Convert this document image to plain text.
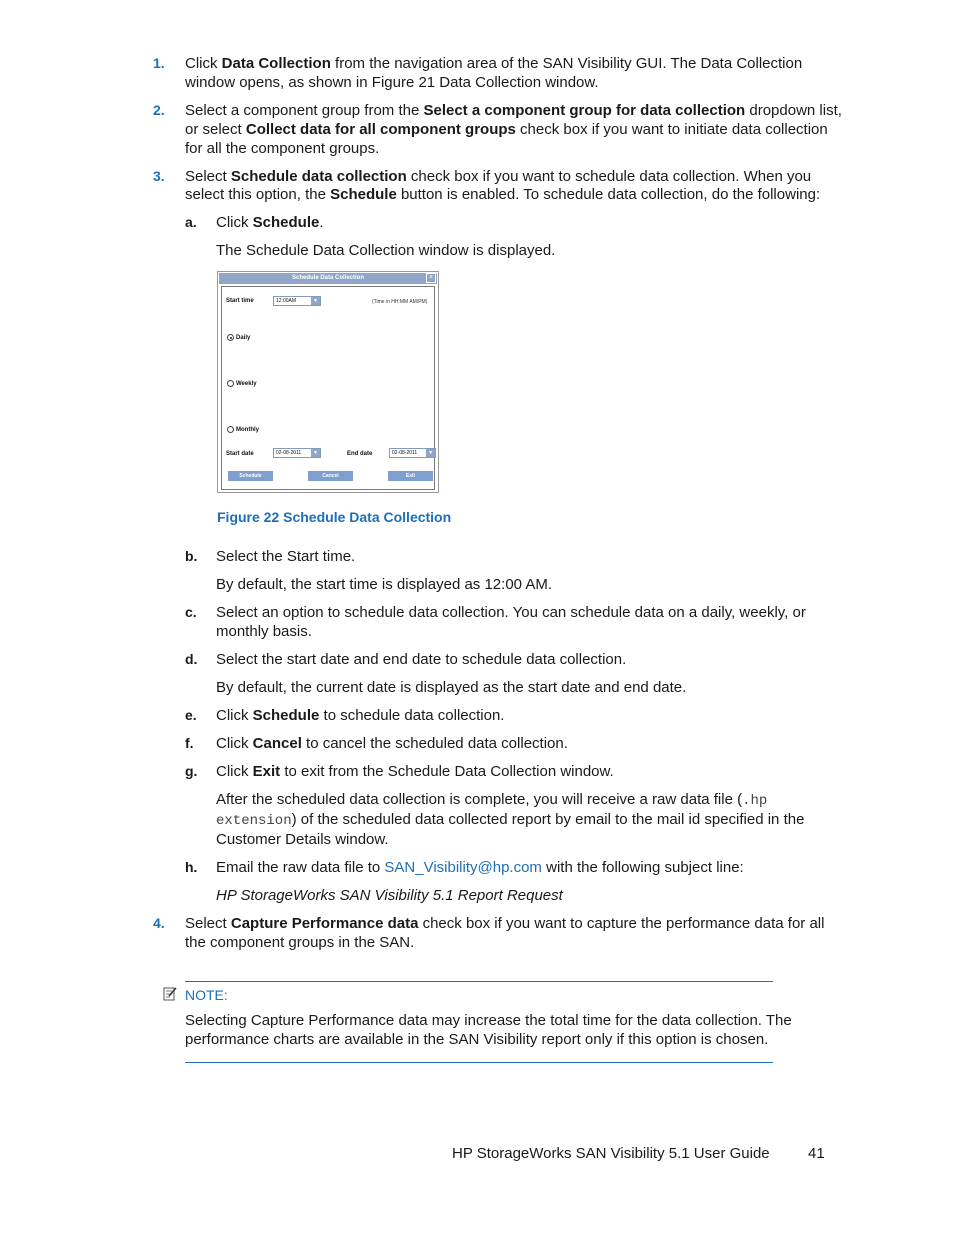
1. Click Data Collection from the navigation area of the SAN Visibility GUI. The Data Collection
window opens, as shown in Figure 21 Data Collection window.
2. Select a component group from the Select a component group for data collection dropdown list,
or select Collect data for all component groups check box if you want to initiate data collection
for all the component groups.
3. Select Schedule data collection check box if you want to schedule data collection. When you
select this option, the Schedule button is enabled. To schedule data collection, do the following:
a. Click Schedule.
The Schedule Data Collection window is displayed.
Schedule Data Collection	×
Start time	12:00AM	▼	(Time in HH:MM AM/PM)
Daily
Weekly
Monthly
Start date	02-08-2011	▼	End date	02-08-2011	▼
Schedule	Cancel	Exit
Figure 22 Schedule Data Collection
b. Select the Start time.
By default, the start time is displayed as 12:00 AM.
c. Select an option to schedule data collection. You can schedule data on a daily, weekly, or
monthly basis.
d. Select the start date and end date to schedule data collection.
By default, the current date is displayed as the start date and end date.
e. Click Schedule to schedule data collection.
f. Click Cancel to cancel the scheduled data collection.
g. Click Exit to exit from the Schedule Data Collection window.
After the scheduled data collection is complete, you will receive a raw data file (.hp
extension) of the scheduled data collected report by email to the mail id specified in the
Customer Details window.
h. Email the raw data file to SAN_Visibility@hp.com with the following subject line:
HP StorageWorks SAN Visibility 5.1 Report Request
4. Select Capture Performance data check box if you want to capture the performance data for all
the component groups in the SAN.
NOTE:
Selecting Capture Performance data may increase the total time for the data collection. The
performance charts are available in the SAN Visibility report only if this option is chosen.
HP StorageWorks SAN Visibility 5.1 User Guide	41
